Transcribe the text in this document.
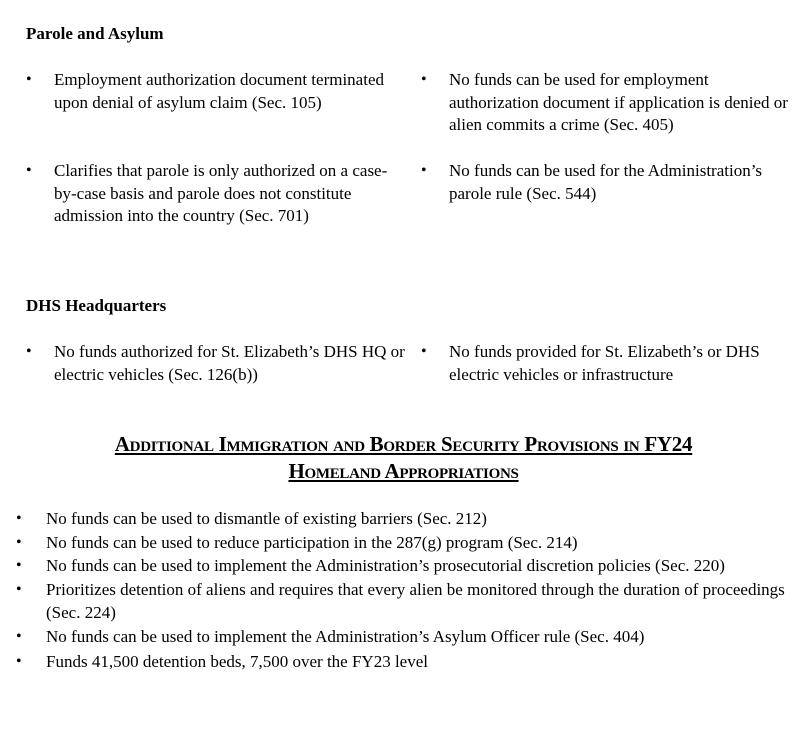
Parole and Asylum
• Employment authorization document terminated upon denial of asylum claim (Sec. 105)
• Clarifies that parole is only authorized on a case-by-case basis and parole does not constitute admission into the country (Sec. 701)
• No funds can be used for employment authorization document if application is denied or alien commits a crime (Sec. 405)
• No funds can be used for the Administration’s parole rule (Sec. 544)
DHS Headquarters
• No funds authorized for St. Elizabeth’s DHS HQ or electric vehicles (Sec. 126(b))
• No funds provided for St. Elizabeth’s or DHS electric vehicles or infrastructure
Additional Immigration and Border Security Provisions in FY24
Homeland Appropriations
• No funds can be used to dismantle of existing barriers (Sec. 212)
• No funds can be used to reduce participation in the 287(g) program (Sec. 214)
• No funds can be used to implement the Administration’s prosecutorial discretion policies (Sec. 220)
• Prioritizes detention of aliens and requires that every alien be monitored through the duration of proceedings (Sec. 224)
• No funds can be used to implement the Administration’s Asylum Officer rule (Sec. 404)
• Funds 41,500 detention beds, 7,500 over the FY23 level
